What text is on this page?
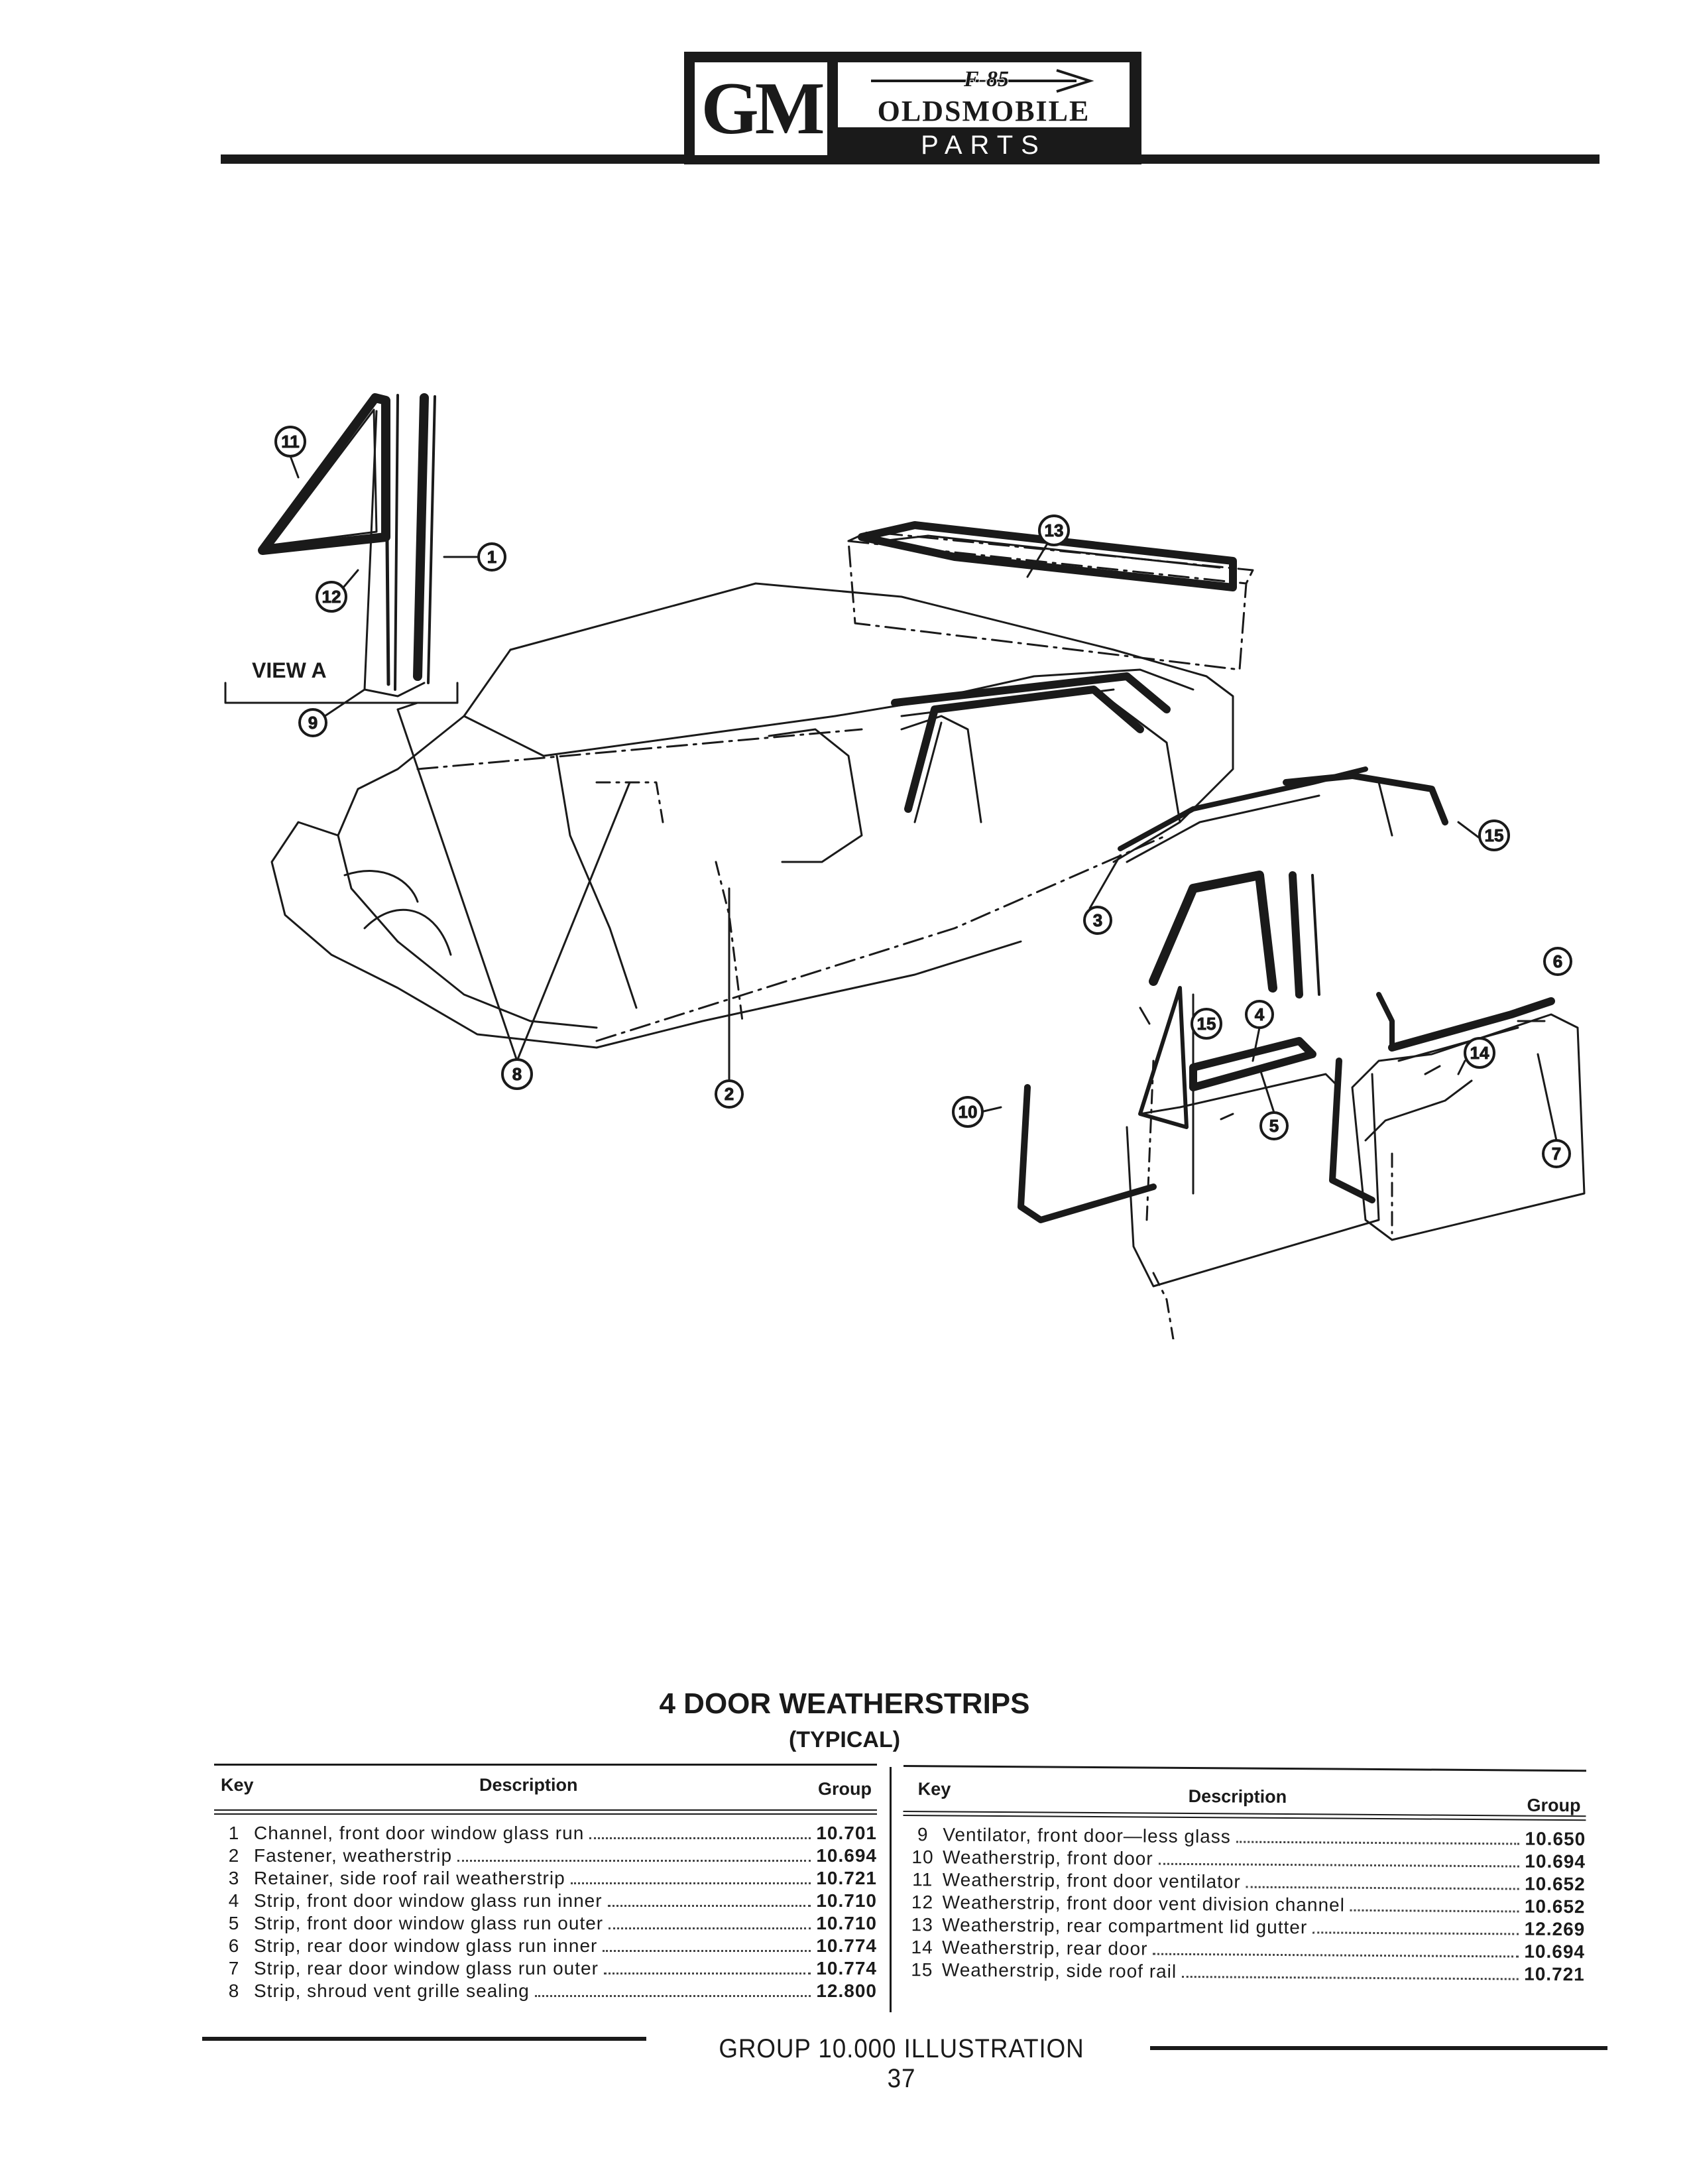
GM	F-85
OLDSMOBILE
PARTS CATALOGUE
VIEW A
1
2
3
4
5
6
7
8
9
10
11
12
13
14
15
15
4 DOOR WEATHERSTRIPS
(TYPICAL)
Key	Description	Group
1 Channel, front door window glass run	10.701
2 Fastener, weatherstrip	10.694
3 Retainer, side roof rail weatherstrip	10.721
4 Strip, front door window glass run inner	10.710
5 Strip, front door window glass run outer	10.710
6 Strip, rear door window glass run inner	10.774
7 Strip, rear door window glass run outer	10.774
8 Strip, shroud vent grille sealing	12.800
Key	Description	Group
9 Ventilator, front door—less glass	10.650
10 Weatherstrip, front door	10.694
11 Weatherstrip, front door ventilator	10.652
12 Weatherstrip, front door vent division channel	10.652
13 Weatherstrip, rear compartment lid gutter	12.269
14 Weatherstrip, rear door	10.694
15 Weatherstrip, side roof rail	10.721
GROUP 10.000 ILLUSTRATION 37
